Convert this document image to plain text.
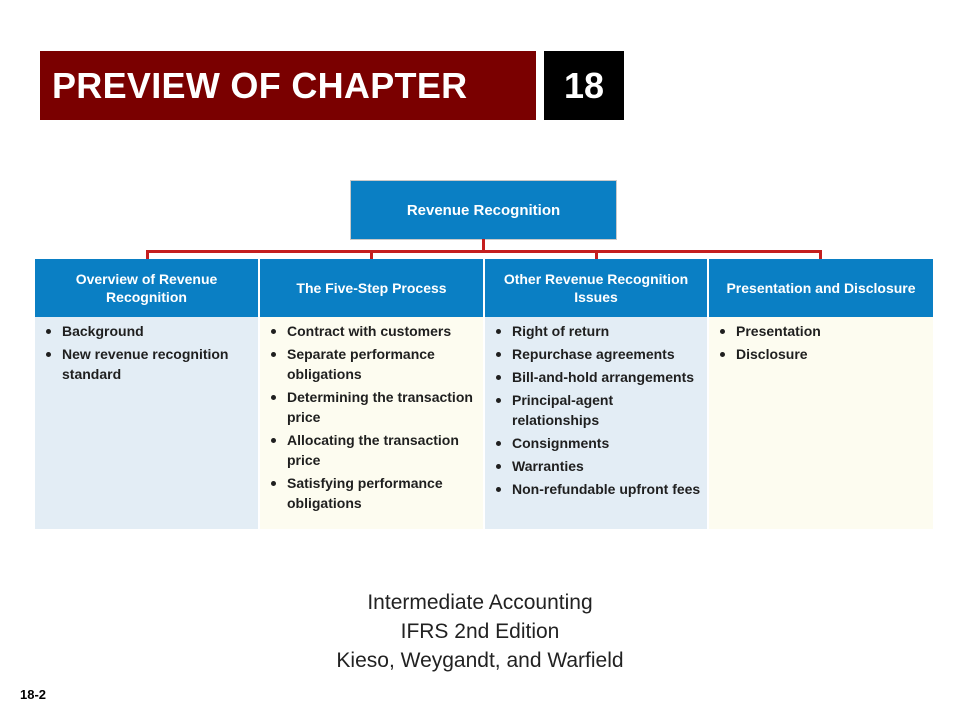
PREVIEW OF CHAPTER	18
Revenue Recognition
Overview of Revenue Recognition
Background
New revenue recognition standard
The Five-Step Process
Contract with customers
Separate performance obligations
Determining the transaction price
Allocating the transaction price
Satisfying performance obligations
Other Revenue Recognition Issues
Right of return
Repurchase agreements
Bill-and-hold arrangements
Principal-agent relationships
Consignments
Warranties
Non-refundable upfront fees
Presentation and Disclosure
Presentation
Disclosure
Intermediate Accounting
IFRS 2nd Edition
Kieso, Weygandt, and Warfield
18-2
